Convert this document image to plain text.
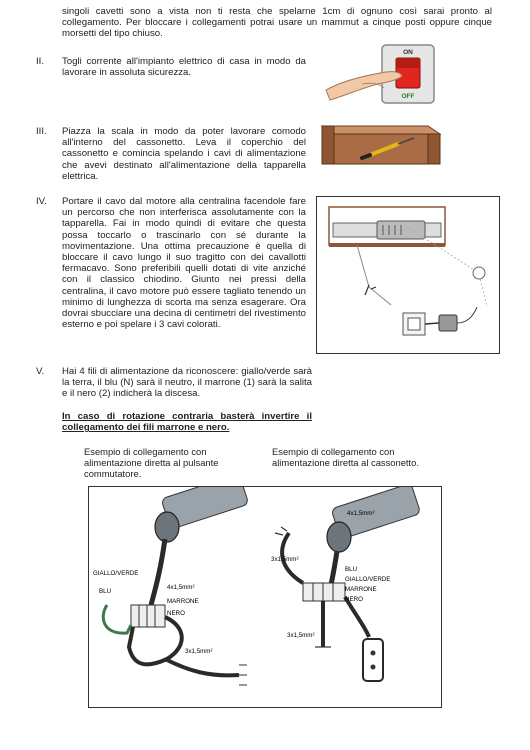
singoli cavetti sono a vista non ti resta che spelarne 1cm di ognuno così sarai pronto al collegamento. Per bloccare i collegamenti potrai usare un mammut a cinque posti oppure cinque morsetti del tipo chiuso.
II. Togli corrente all'impianto elettrico di casa in modo da lavorare in assoluta sicurezza.
ON
OFF
III. Piazza la scala in modo da poter lavorare comodo all'interno del cassonetto. Leva il coperchio del cassonetto e comincia spelando i cavi di alimentazione che avevi destinato all'alimentazione della tapparella elettrica.
IV. Portare il cavo dal motore alla centralina facendole fare un percorso che non interferisca assolutamente con la tapparella. Fai in modo quindi di evitare che questa possa toccarlo o trascinarlo con sé durante la movimentazione. Una ottima precauzione è quella di bloccare il cavo lungo il suo tragitto con dei cavallotti fermacavo. Sono preferibili quelli dotati di vite anziché con il classico chiodino. Giunto nei pressi della centralina, il cavo motore può essere tagliato tenendo un minimo di lunghezza di scorta ma senza esagerare. Ora dovrai sbucciare una decina di centimetri del rivestimento esterno e poi spelare i 3 cavi colorati.
V. Hai 4 fili di alimentazione da riconoscere: giallo/verde sarà la terra, il blu (N) sarà il neutro, il marrone (1) sarà la salita e il nero (2) indicherà la discesa.
In caso di rotazione contraria basterà invertire il collegamento dei fili marrone e nero.
Esempio di collegamento con alimentazione diretta al pulsante commutatore.
Esempio di collegamento con alimentazione diretta al cassonetto.
GIALLO/VERDE
BLU
4x1,5mm²
MARRONE
NERO
3x1,5mm²
4x1,5mm²
3x1,5mm²
BLU
GIALLO/VERDE
MARRONE
NERO
3x1,5mm²
